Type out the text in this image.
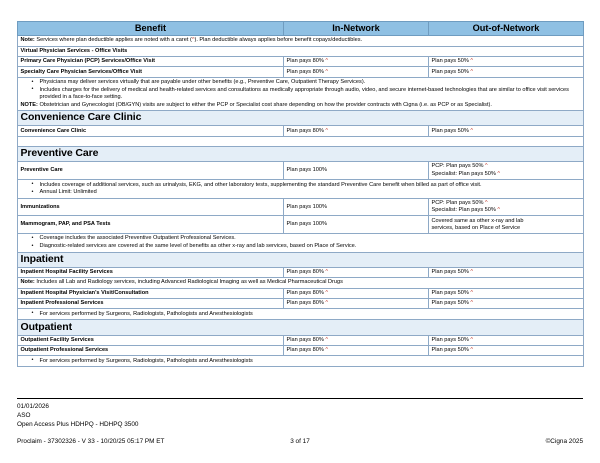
Benefit	In-Network	Out-of-Network
Note: Services where plan deductible applies are noted with a caret (^). Plan deductible always applies before benefit copays/deductibles.		
Virtual Physician Services - Office Visits		
Primary Care Physician (PCP) Services/Office Visit	Plan pays 80% ^	Plan pays 50% ^

Specialty Care Physician Services/Office Visit	Plan pays 80% ^	Plan pays 50% ^

• Physicians may deliver services virtually that are payable under other benefits (e.g., Preventive Care, Outpatient Therapy Services).
• Includes charges for the delivery of medical and health-related services and consultations as medically appropriate through audio, video, and secure internet-based technologies that are similar to office visit services provided in a face-to-face setting.

NOTE: Obstetrician and Gynecologist (OB/GYN) visits are subject to either the PCP or Specialist cost share depending on how the provider contracts with Cigna (i.e. as PCP or as Specialist).

Convenience Care Clinic		
Convenience Care Clinic	Plan pays 80% ^	Plan pays 50% ^

Preventive Care		
Preventive Care	Plan pays 100%	PCP: Plan pays 50% ^
Specialist: Plan pays 50% ^

• Includes coverage of additional services, such as urinalysis, EKG, and other laboratory tests, supplementing the standard Preventive Care benefit when billed as part of office visit.
• Annual Limit: Unlimited

Immunizations	Plan pays 100%	PCP: Plan pays 50% ^
Specialist: Plan pays 50% ^

Mammogram, PAP, and PSA Tests	Plan pays 100%	Covered same as other x-ray and lab
services, based on Place of Service

• Coverage includes the associated Preventive Outpatient Professional Services.
• Diagnostic-related services are covered at the same level of benefits as other x-ray and lab services, based on Place of Service.

Inpatient		
Inpatient Hospital Facility Services	Plan pays 80% ^	Plan pays 50% ^

Note: Includes all Lab and Radiology services, including Advanced Radiological Imaging as well as Medical Pharmaceutical Drugs		
Inpatient Hospital Physician's Visit/Consultation	Plan pays 80% ^	Plan pays 50% ^

Inpatient Professional Services	Plan pays 80% ^	Plan pays 50% ^

• For services performed by Surgeons, Radiologists, Pathologists and Anesthesiologists

Outpatient		
Outpatient Facility Services	Plan pays 80% ^	Plan pays 50% ^

Outpatient Professional Services	Plan pays 80% ^	Plan pays 50% ^

• For services performed by Surgeons, Radiologists, Pathologists and Anesthesiologists
01/01/2026
ASO
Open Access Plus HDHPQ - HDHPQ 3500
Proclaim - 37302326 - V 33 - 10/20/25 05:17 PM ET	3 of 17	©Cigna 2025
